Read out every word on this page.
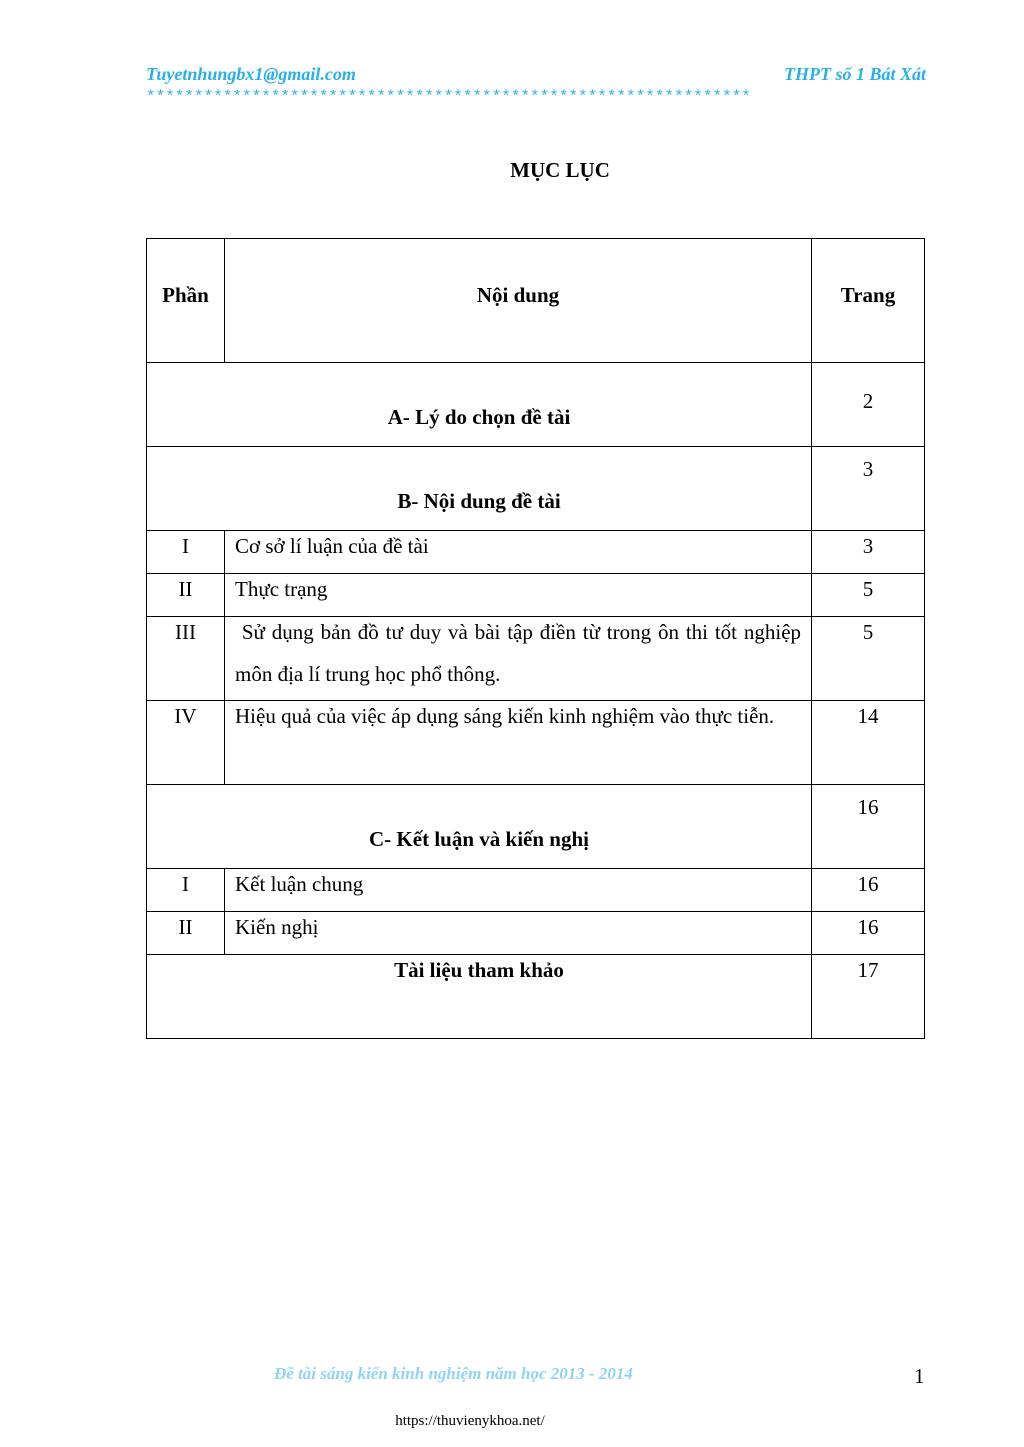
Tuyetnhungbx1@gmail.com	THPT số 1 Bát Xát
***************************************************************
MỤC LỤC
Phần	Nội dung	Trang

A- Lý do chọn đề tài		2

B- Nội dung đề tài		3

I	Cơ sở lí luận của đề tài	3

II	Thực trạng	5

III	Sử dụng bản đồ tư duy và bài tập điền từ trong ôn thi tốt nghiệp môn địa lí trung học phổ thông.	5

IV	Hiệu quả của việc áp dụng sáng kiến kinh nghiệm vào thực tiễn.	14

C- Kết luận và kiến nghị		16

I	Kết luận chung	16

II	Kiến nghị	16

Tài liệu tham khảo		17
Đề tài sáng kiến kinh nghiệm năm học 2013 - 2014	1
https://thuvienykhoa.net/
